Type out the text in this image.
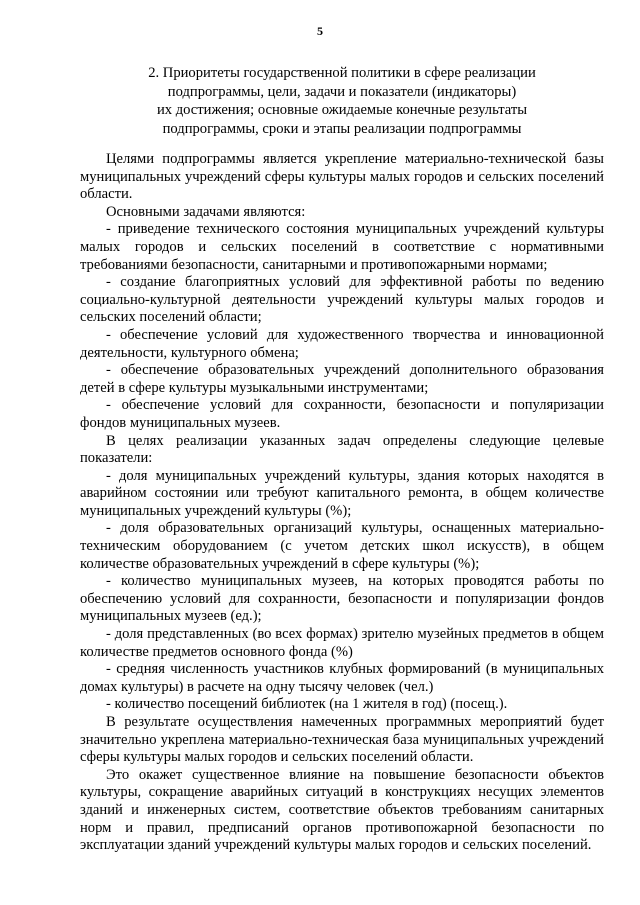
5
2. Приоритеты государственной политики в сфере реализации
подпрограммы, цели, задачи и показатели (индикаторы)
их достижения; основные ожидаемые конечные результаты
подпрограммы, сроки и этапы реализации подпрограммы

Целями подпрограммы является укрепление материально-технической базы муниципальных учреждений сферы культуры малых городов и сельских поселений области.

Основными задачами являются:

- приведение технического состояния муниципальных учреждений культуры малых городов и сельских поселений в соответствие с нормативными требованиями безопасности, санитарными и противопожарными нормами;

- создание благоприятных условий для эффективной работы по ведению социально-культурной деятельности учреждений культуры малых городов и сельских поселений области;

- обеспечение условий для художественного творчества и инновационной деятельности, культурного обмена;

- обеспечение образовательных учреждений дополнительного образования детей в сфере культуры музыкальными инструментами;

- обеспечение условий для сохранности, безопасности и популяризации фондов муниципальных музеев.

В целях реализации указанных задач определены следующие целевые показатели:

- доля муниципальных учреждений культуры, здания которых находятся в аварийном состоянии или требуют капитального ремонта, в общем количестве муниципальных учреждений культуры (%);

- доля образовательных организаций культуры, оснащенных материально-техническим оборудованием (с учетом детских школ искусств), в общем количестве образовательных учреждений в сфере культуры (%);

- количество муниципальных музеев, на которых проводятся работы по обеспечению условий для сохранности, безопасности и популяризации фондов муниципальных музеев (ед.);

- доля представленных (во всех формах) зрителю музейных предметов в общем количестве предметов основного фонда (%)

- средняя численность участников клубных формирований (в муниципальных домах культуры) в расчете на одну тысячу человек (чел.)

- количество посещений библиотек (на 1 жителя в год) (посещ.).

В результате осуществления намеченных программных мероприятий будет значительно укреплена материально-техническая база муниципальных учреждений сферы культуры малых городов и сельских поселений области.

Это окажет существенное влияние на повышение безопасности объектов культуры, сокращение аварийных ситуаций в конструкциях несущих элементов зданий и инженерных систем, соответствие объектов требованиям санитарных норм и правил, предписаний органов противопожарной безопасности по эксплуатации зданий учреждений культуры малых городов и сельских поселений.
